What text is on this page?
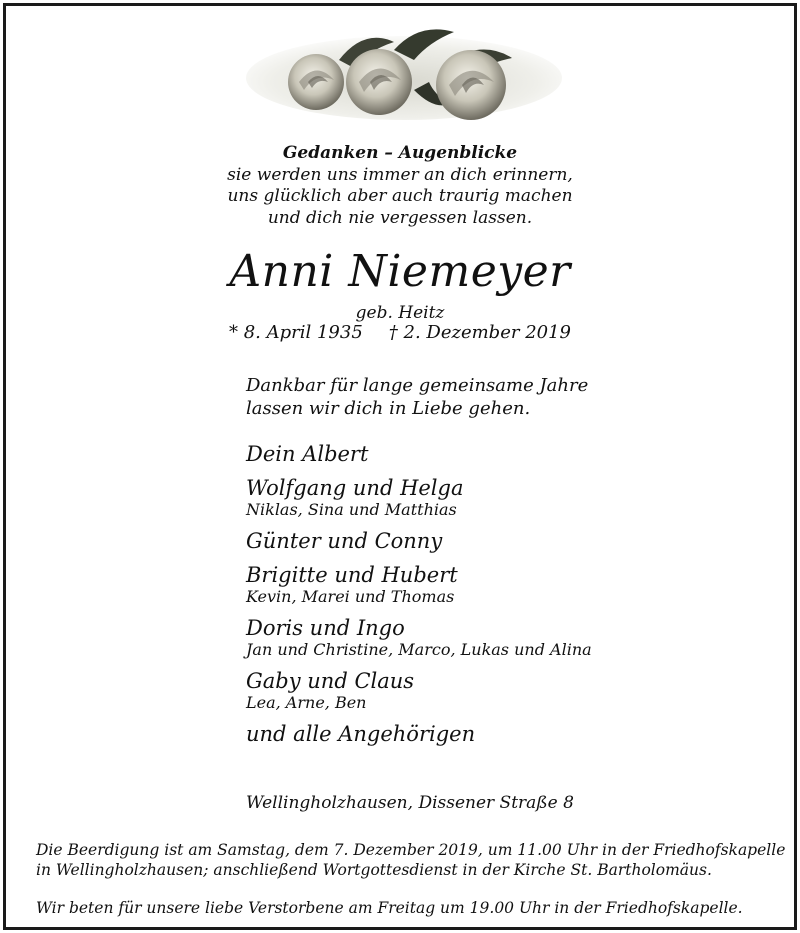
Gedanken – Augenblicke
sie werden uns immer an dich erinnern,
uns glücklich aber auch traurig machen
und dich nie vergessen lassen.
Anni Niemeyer
geb. Heitz
* 8. April 1935 † 2. Dezember 2019
Dankbar für lange gemeinsame Jahre
lassen wir dich in Liebe gehen.
Dein Albert
Wolfgang und Helga
Niklas, Sina und Matthias
Günter und Conny
Brigitte und Hubert
Kevin, Marei und Thomas
Doris und Ingo
Jan und Christine, Marco, Lukas und Alina
Gaby und Claus
Lea, Arne, Ben
und alle Angehörigen
Wellingholzhausen, Dissener Straße 8
Die Beerdigung ist am Samstag, dem 7. Dezember 2019, um 11.00 Uhr in der Friedhofskapelle in Wellingholzhausen; anschließend Wortgottesdienst in der Kirche St. Bartholomäus.
Wir beten für unsere liebe Verstorbene am Freitag um 19.00 Uhr in der Friedhofskapelle.
